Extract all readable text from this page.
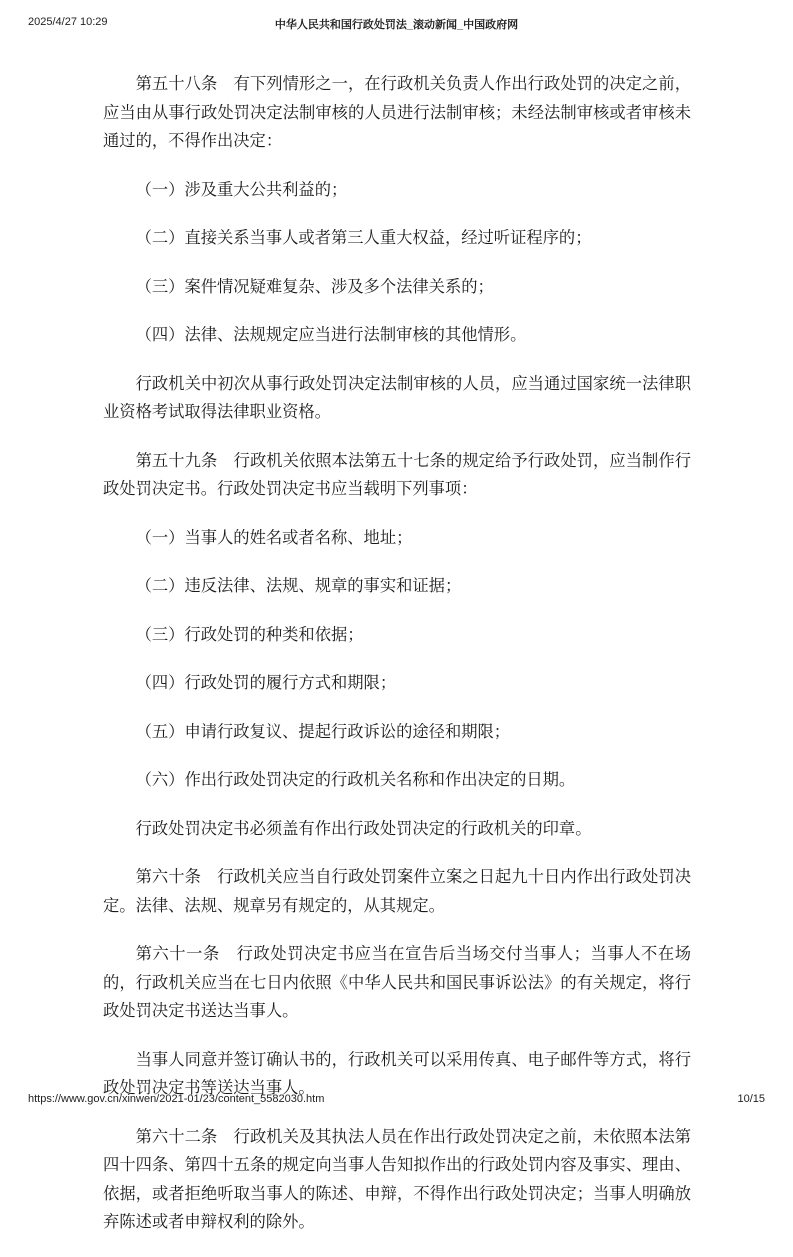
2025/4/27 10:29	中华人民共和国行政处罚法_滚动新闻_中国政府网

第五十八条　有下列情形之一，在行政机关负责人作出行政处罚的决定之前，应当由从事行政处罚决定法制审核的人员进行法制审核；未经法制审核或者审核未通过的，不得作出决定：

（一）涉及重大公共利益的；

（二）直接关系当事人或者第三人重大权益，经过听证程序的；

（三）案件情况疑难复杂、涉及多个法律关系的；

（四）法律、法规规定应当进行法制审核的其他情形。

行政机关中初次从事行政处罚决定法制审核的人员，应当通过国家统一法律职业资格考试取得法律职业资格。

第五十九条　行政机关依照本法第五十七条的规定给予行政处罚，应当制作行政处罚决定书。行政处罚决定书应当载明下列事项：

（一）当事人的姓名或者名称、地址；

（二）违反法律、法规、规章的事实和证据；

（三）行政处罚的种类和依据；

（四）行政处罚的履行方式和期限；

（五）申请行政复议、提起行政诉讼的途径和期限；

（六）作出行政处罚决定的行政机关名称和作出决定的日期。

行政处罚决定书必须盖有作出行政处罚决定的行政机关的印章。

第六十条　行政机关应当自行政处罚案件立案之日起九十日内作出行政处罚决定。法律、法规、规章另有规定的，从其规定。

第六十一条　行政处罚决定书应当在宣告后当场交付当事人；当事人不在场的，行政机关应当在七日内依照《中华人民共和国民事诉讼法》的有关规定，将行政处罚决定书送达当事人。

当事人同意并签订确认书的，行政机关可以采用传真、电子邮件等方式，将行政处罚决定书等送达当事人。

第六十二条　行政机关及其执法人员在作出行政处罚决定之前，未依照本法第四十四条、第四十五条的规定向当事人告知拟作出的行政处罚内容及事实、理由、依据，或者拒绝听取当事人的陈述、申辩，不得作出行政处罚决定；当事人明确放弃陈述或者申辩权利的除外。

https://www.gov.cn/xinwen/2021-01/23/content_5582030.htm	10/15
